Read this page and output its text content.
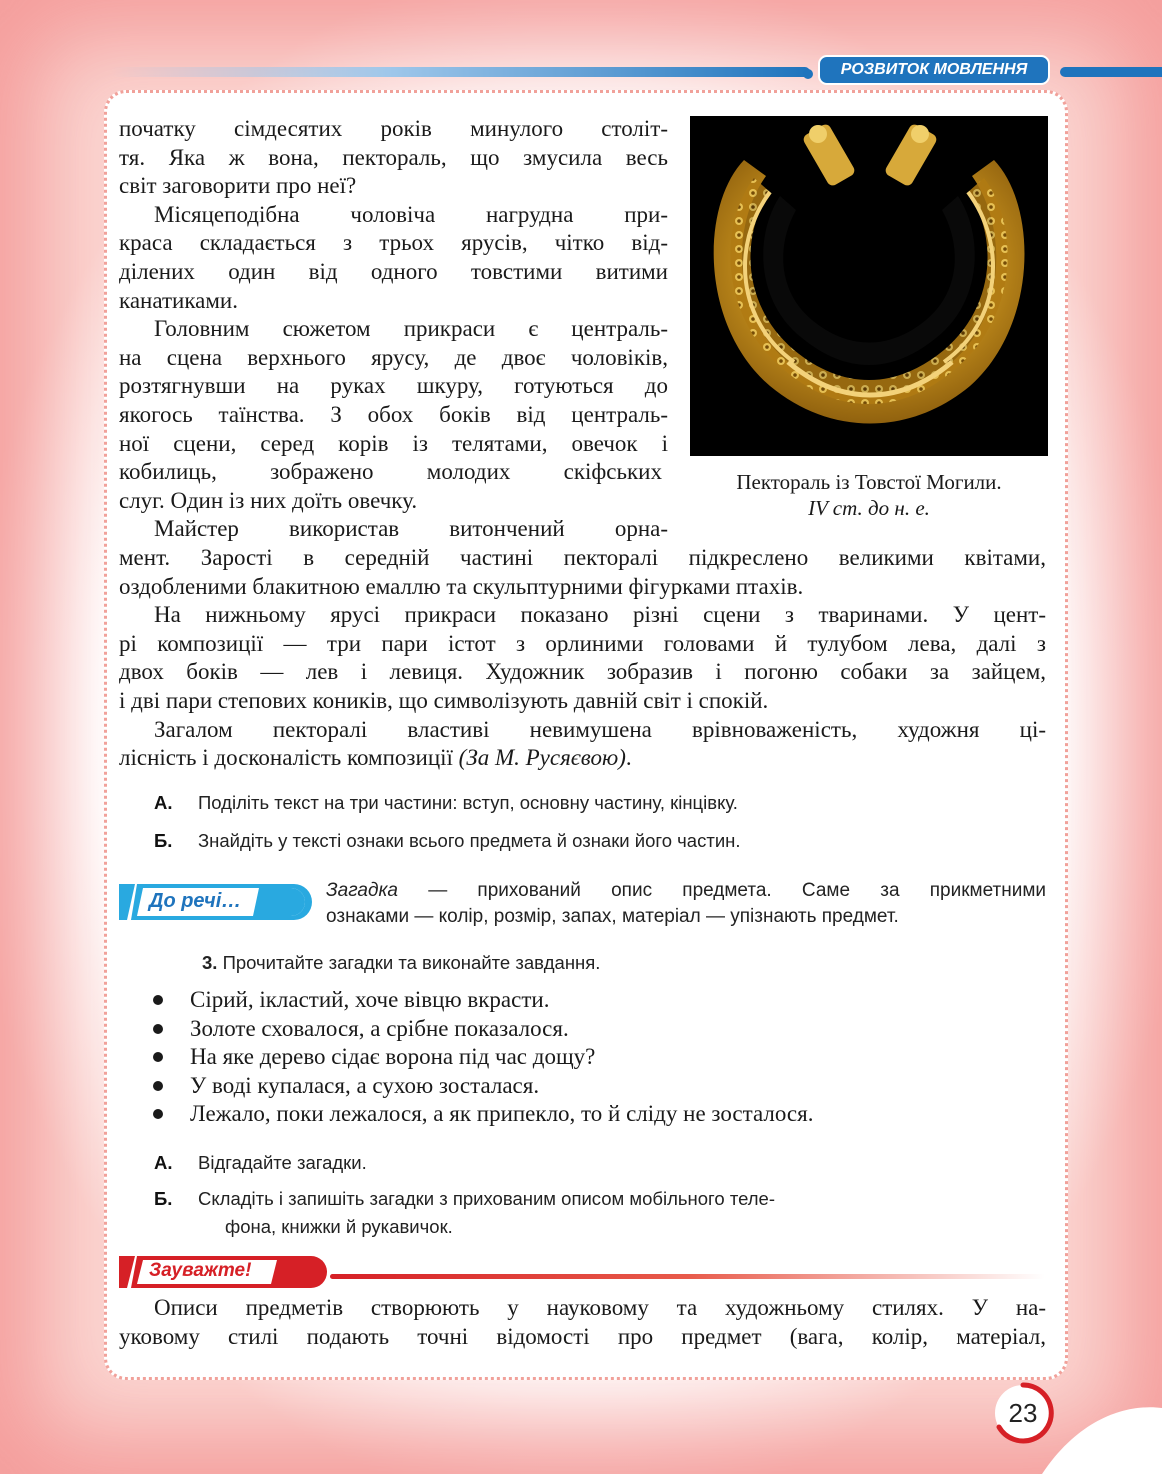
РОЗВИТОК МОВЛЕННЯ
початку сімдесятих років минулого століт-
тя. Яка ж вона, пектораль, що змусила весь
світ заговорити про неї?
Місяцеподібна чоловіча нагрудна при-
краса складається з трьох ярусів, чітко від-
ділених один від одного товстими витими
канатиками.
Головним сюжетом прикраси є централь-
на сцена верхнього ярусу, де двоє чоловіків,
розтягнувши на руках шкуру, готуються до
якогось таїнства. З обох боків від централь-
ної сцени, серед корів із телятами, овечок і
кобилиць, зображено молодих скіфських
слуг. Один із них доїть овечку.
Майстер використав витончений орна-
мент. Зарості в середній частині пекторалі підкреслено великими квітами,
оздобленими блакитною емаллю та скульптурними фігурками птахів.
На нижньому ярусі прикраси показано різні сцени з тваринами. У цент-
рі композиції — три пари істот з орлиними головами й тулубом лева, далі з
двох боків — лев і левиця. Художник зобразив і погоню собаки за зайцем,
і дві пари степових коників, що символізують давній світ і спокій.
Загалом пекторалі властиві невимушена врівноваженість, художня ці-
лісність і досконалість композиції (За М. Русяєвою).
Пектораль із Товстої Могили.
IV ст. до н. е.
А. Поділіть текст на три частини: вступ, основну частину, кінцівку.
Б. Знайдіть у тексті ознаки всього предмета й ознаки його частин.
До речі…	Загадка — прихований опис предмета. Саме за прикметними
ознаками — колір, розмір, запах, матеріал — упізнають предмет.
3. Прочитайте загадки та виконайте завдання.
Сірий, ікластий, хоче вівцю вкрасти.
Золоте сховалося, а срібне показалося.
На яке дерево сідає ворона під час дощу?
У воді купалася, а сухою зосталася.
Лежало, поки лежалося, а як припекло, то й сліду не зосталося.
А. Відгадайте загадки.
Б. Складіть і запишіть загадки з прихованим описом мобільного теле-
фона, книжки й рукавичок.
Зауважте!
Описи предметів створюють у науковому та художньому стилях. У на-
уковому стилі подають точні відомості про предмет (вага, колір, матеріал,
23
